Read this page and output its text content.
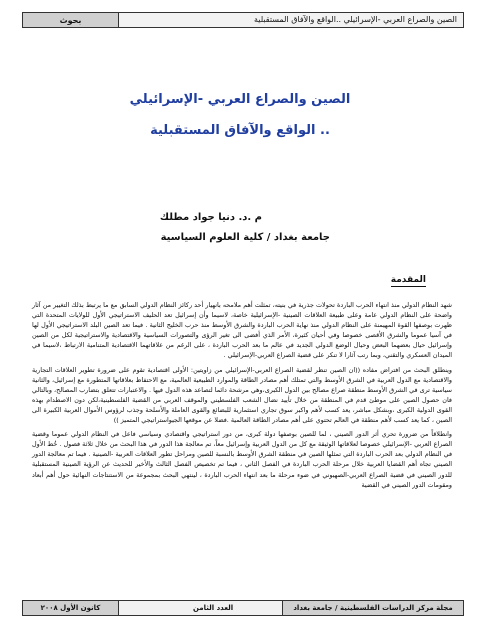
بحوث	الصين والصراع العربي -الإسرائيلي ..الواقع والآفاق المستقبلية
الصين والصراع العربي -الإسرائيلي
.. الواقع والآفاق المستقبلية
م .د. دنيا جواد مطلك
جامعة بغداد / كلية العلوم السياسية
المقدمة

شهد النظام الدولي منذ انتهاء الحرب الباردة تحولات جذرية في بنيته، تمثلت أهم ملامحه بانهيار أحد ركائز النظام الدولي السابق مع ما يرتبط بذلك التغيير من آثار واضحة على النظام الدولي عامة وعلى طبيعة العلاقات الصينية -الإسرائيلية خاصة، لاسيما وأن إسرائيل تعد الحليف الاستراتيجي الأول للولايات المتحدة التي ظهرت بوصفها القوة المهيمنة على النظام الدولي منذ نهاية الحرب الباردة والشرق الأوسط منذ حرب الخليج الثانية . فيما تعد الصين البلد الاستراتيجي الأول لها في آسيا عموما والشرق الأقصى خصوصا وفي أحيان كثيرة، الأمر الذي أفضى الى تغير الرؤى والتصورات السياسية والاقتصادية والاستراتيجية لكل من الصين وإسرائيل حيال بعضهما البعض وحيال الوضع الدولي الجديد في عالم ما بعد الحرب الباردة ، على الرغم من علاقاتهما الاقتصادية المتنامية الارتباط ،لاسيما في الميدان العسكري والتقني، وبما رتب آثارا لا تنكر على قضية الصراع العربي-الإسرائيلي .

وينطلق البحث من افتراض مفاده ((ان الصين تنظر لقضية الصراع العربي-الإسرائيلي من زاويتين: الأولى اقتصادية تقوم على ضرورة تطوير العلاقات التجارية والاقتصادية مع الدول العربية في الشرق الأوسط والتي تمتلك أهم مصادر الطاقة والموارد الطبيعية العالمية، مع الاحتفاظ بعلاقاتها المتطورة مع إسرائيل، والثانية سياسية ترى في الشرق الأوسط منطقة صراع مصالح بين الدول الكبرى،وهي مرشحة دائما لتصاعد هذه الدول فيها . والاعتبارات تتعلق بتضارب المصالح، وبالتالي فان حصول الصين على موطئ قدم في المنطقة من خلال تأييد نضال الشعب الفلسطيني والموقف العربي من القضية الفلسطينية،لكن دون الاصطدام بهذه القوى الدولية الكبرى ،وبشكل مباشر، يعد كسب لأهم واكبر سوق تجاري استثمارية للبضائع والقوى العاملة والأسلحة وجذب لرؤوس الأموال العربية الكبيرة الى الصين ، كما يعد كسب لأهم منطقة في العالم تحتوي على أهم مصادر الطاقة العالمية .فضلا عن موقعها الجيواستراتيجي المتميز ))

وانطلاقاً من ضرورة تحري أثر الدور الصيني ، لما للصين بوصفها دولة كبرى، من دور استراتيجي واقتصادي وسياسي فاعل في النظام الدولي عموما وقضية الصراع العربي -الإسرائيلي خصوصا لعلاقاتها الوثيقة مع كل من الدول العربية وإسرائيل معاً، تم معالجة هذا الدور في هذا البحث من خلال ثلاثة فصول . خُط الأول في النظام الدولي بعد الحرب الباردة التي تمثلها الصين في منطقة الشرق الأوسط بالنسبة للصين ومراحل تطور العلاقات العربية -الصينية . فيما تم معالجة الدور الصيني تجاه أهم القضايا العربية خلال مرحلة الحرب الباردة في الفصل الثاني ، فيما تم تخصيص الفصل الثالث والأخير للحديث عن الرؤية الصينية المستقبلية للدور الصيني في قضية الصراع العربي-الصهيوني في ضوء مرحلة ما بعد انتهاء الحرب الباردة ، لينتهي البحث بمجموعة من الاستنتاجات النهائية حول أهم أبعاد ومقومات الدور الصيني في القضية

مجلة مركز الدراسات الفلسطينية / جامعة بغداد
العدد الثامن
كانون الأول ٢٠٠٨
